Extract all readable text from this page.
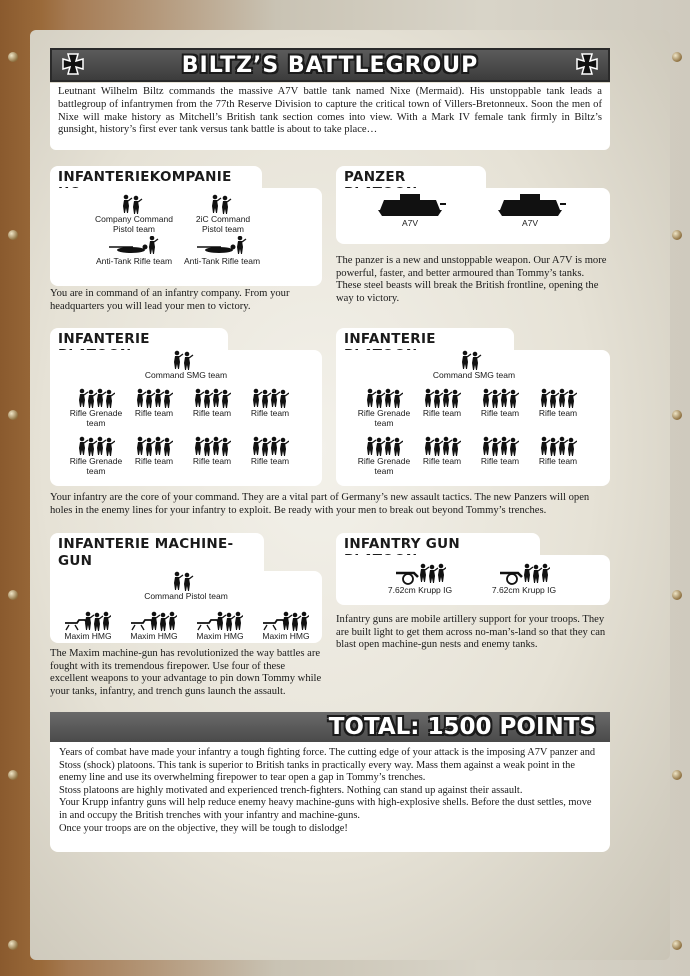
BILTZ’S BATTLEGROUP
Leutnant Wilhelm Biltz commands the massive A7V battle tank named Nixe (Mermaid). His unstoppable tank leads a battlegroup of infantrymen from the 77th Reserve Division to capture the critical town of Villers-Bretonneux. Soon the men of Nixe will make history as Mitchell’s British tank section comes into view. With a Mark IV female tank firmly in Biltz’s gunsight, history’s first ever tank versus tank battle is about to take place…
INFANTERIEKOMPANIE
Company Command Pistol team
2iC Command Pistol team
Anti-Tank Rifle team Anti-Tank Rifle team
You are in command of an infantry company. From your headquarters you will lead your men to victory.
PANZER
A7V	A7V
The panzer is a new and unstoppable weapon. Our A7V is more powerful, faster, and better armoured than Tommy’s tanks. These steel beasts will break the British frontline, opening the way to victory.
INFANTERIE
Command SMG team
Rifle Grenade team
Rifle team	Rifle team	Rifle team
Rifle Grenade team
Rifle team	Rifle team	Rifle team
INFANTERIE
Command SMG team
Rifle Grenade team
Rifle team	Rifle team	Rifle team
Rifle Grenade team
Rifle team	Rifle team	Rifle team
Your infantry are the core of your command. They are a vital part of Germany’s new assault tactics. The new Panzers will open holes in the enemy lines for your infantry to exploit. Be ready with your men to break out beyond Tommy’s trenches.
INFANTERIE MACHINE-GUN
Command Pistol team
Maxim HMG	Maxim HMG	Maxim HMG	Maxim HMG
The Maxim machine-gun has revolutionized the way battles are fought with its tremendous firepower. Use four of these excellent weapons to your advantage to pin down Tommy while your tanks, infantry, and trench guns launch the assault.
INFANTRY GUN
7.62cm Krupp IG	7.62cm Krupp IG
Infantry guns are mobile artillery support for your troops. They are built light to get them across no-man’s-land so that they can blast open machine-gun nests and enemy tanks.
TOTAL: 1500 POINTS

Years of combat have made your infantry a tough fighting force. The cutting edge of your attack is the imposing A7V panzer and Stoss (shock) platoons. This tank is superior to British tanks in practically every way. Mass them against a weak point in the enemy line and use its overwhelming firepower to tear open a gap in Tommy’s trenches.

Stoss platoons are highly motivated and experienced trench-fighters. Nothing can stand up against their assault.

Your Krupp infantry guns will help reduce enemy heavy machine-guns with high-explosive shells. Before the dust settles, move in and occupy the British trenches with your infantry and machine-guns.

Once your troops are on the objective, they will be tough to dislodge!
